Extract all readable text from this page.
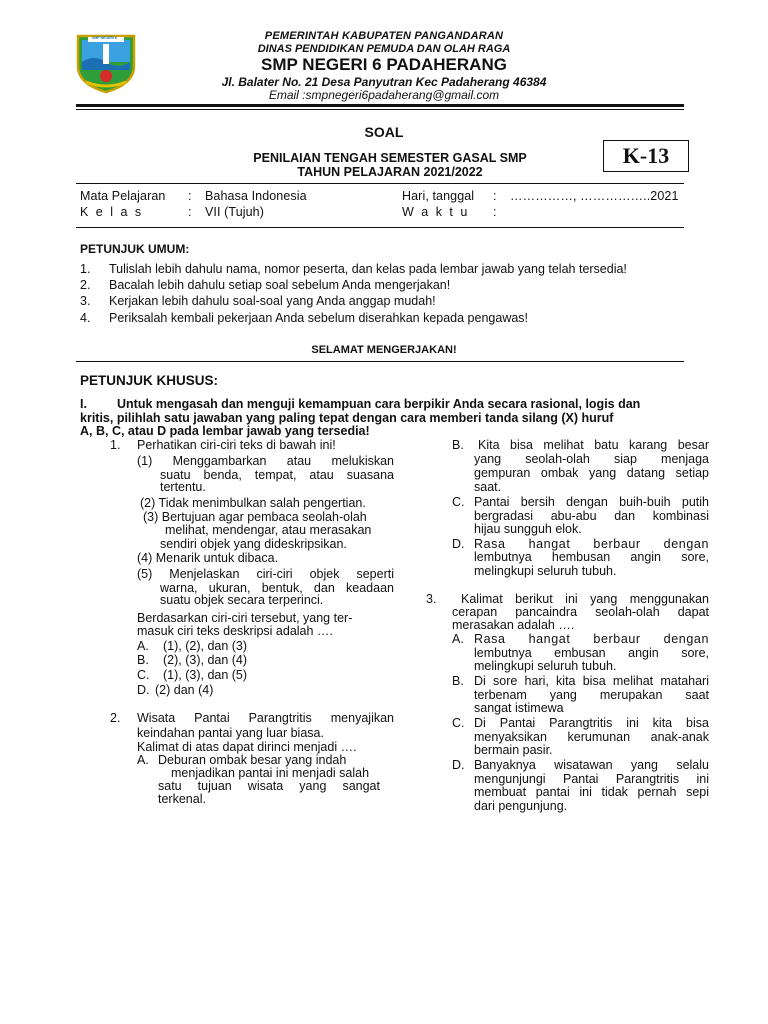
SMP NEGERI 6	PEMERINTAH KABUPATEN PANGANDARAN
DINAS PENDIDIKAN PEMUDA DAN OLAH RAGA
SMP NEGERI 6 PADAHERANG
Jl. Balater No. 21 Desa Panyutran Kec Padaherang 46384
Email :smpnegeri6padaherang@gmail.com
SOAL
PENILAIAN TENGAH SEMESTER GASAL SMP
TAHUN PELAJARAN 2021/2022
K-13
Mata Pelajaran : Bahasa Indonesia
K e l a s	: VII (Tujuh)
Hari, tanggal : ……………, ……………..2021
W a k t u :
PETUNJUK UMUM:
1. Tulislah lebih dahulu nama, nomor peserta, dan kelas pada lembar jawab yang telah tersedia!
2. Bacalah lebih dahulu setiap soal sebelum Anda mengerjakan!
3. Kerjakan lebih dahulu soal-soal yang Anda anggap mudah!
4. Periksalah kembali pekerjaan Anda sebelum diserahkan kepada pengawas!
SELAMAT MENGERJAKAN!
PETUNJUK KHUSUS:
I. Untuk mengasah dan menguji kemampuan cara berpikir Anda secara rasional, logis dan
kritis, pilihlah satu jawaban yang paling tepat dengan cara memberi tanda silang (X) huruf
A, B, C, atau D pada lembar jawab yang tersedia!
1. Perhatikan ciri-ciri teks di bawah ini!
(1) Menggambarkan atau melukiskan
suatu benda, tempat, atau suasana
tertentu.
(2) Tidak menimbulkan salah pengertian.
(3) Bertujuan agar pembaca seolah-olah
melihat, mendengar, atau merasakan
sendiri objek yang dideskripsikan.
(4) Menarik untuk dibaca.
(5) Menjelaskan ciri-ciri objek seperti
warna, ukuran, bentuk, dan keadaan
suatu objek secara terperinci.
Berdasarkan ciri-ciri tersebut, yang ter-
masuk ciri teks deskripsi adalah ….
A. (1), (2), dan (3)
B. (2), (3), dan (4)
C. (1), (3), dan (5)
D. (2) dan (4)
2. Wisata Pantai Parangtritis menyajikan
keindahan pantai yang luar biasa.
Kalimat di atas dapat dirinci menjadi ….
A. Deburan ombak besar yang indah
menjadikan pantai ini menjadi salah
satu tujuan wisata yang sangat
terkenal.
B. Kita bisa melihat batu karang besar
yang seolah-olah siap menjaga
gempuran ombak yang datang setiap
saat.
C. Pantai bersih dengan buih-buih putih
bergradasi abu-abu dan kombinasi
hijau sungguh elok.
D. Rasa hangat berbaur dengan
lembutnya hembusan angin sore,
melingkupi seluruh tubuh.
3. Kalimat berikut ini yang menggunakan
cerapan pancaindra seolah-olah dapat
merasakan adalah ….
A. Rasa hangat berbaur dengan
lembutnya embusan angin sore,
melingkupi seluruh tubuh.
B. Di sore hari, kita bisa melihat matahari
terbenam yang merupakan saat
sangat istimewa
C. Di Pantai Parangtritis ini kita bisa
menyaksikan kerumunan anak-anak
bermain pasir.
D. Banyaknya wisatawan yang selalu
mengunjungi Pantai Parangtritis ini
membuat pantai ini tidak pernah sepi
dari pengunjung.
